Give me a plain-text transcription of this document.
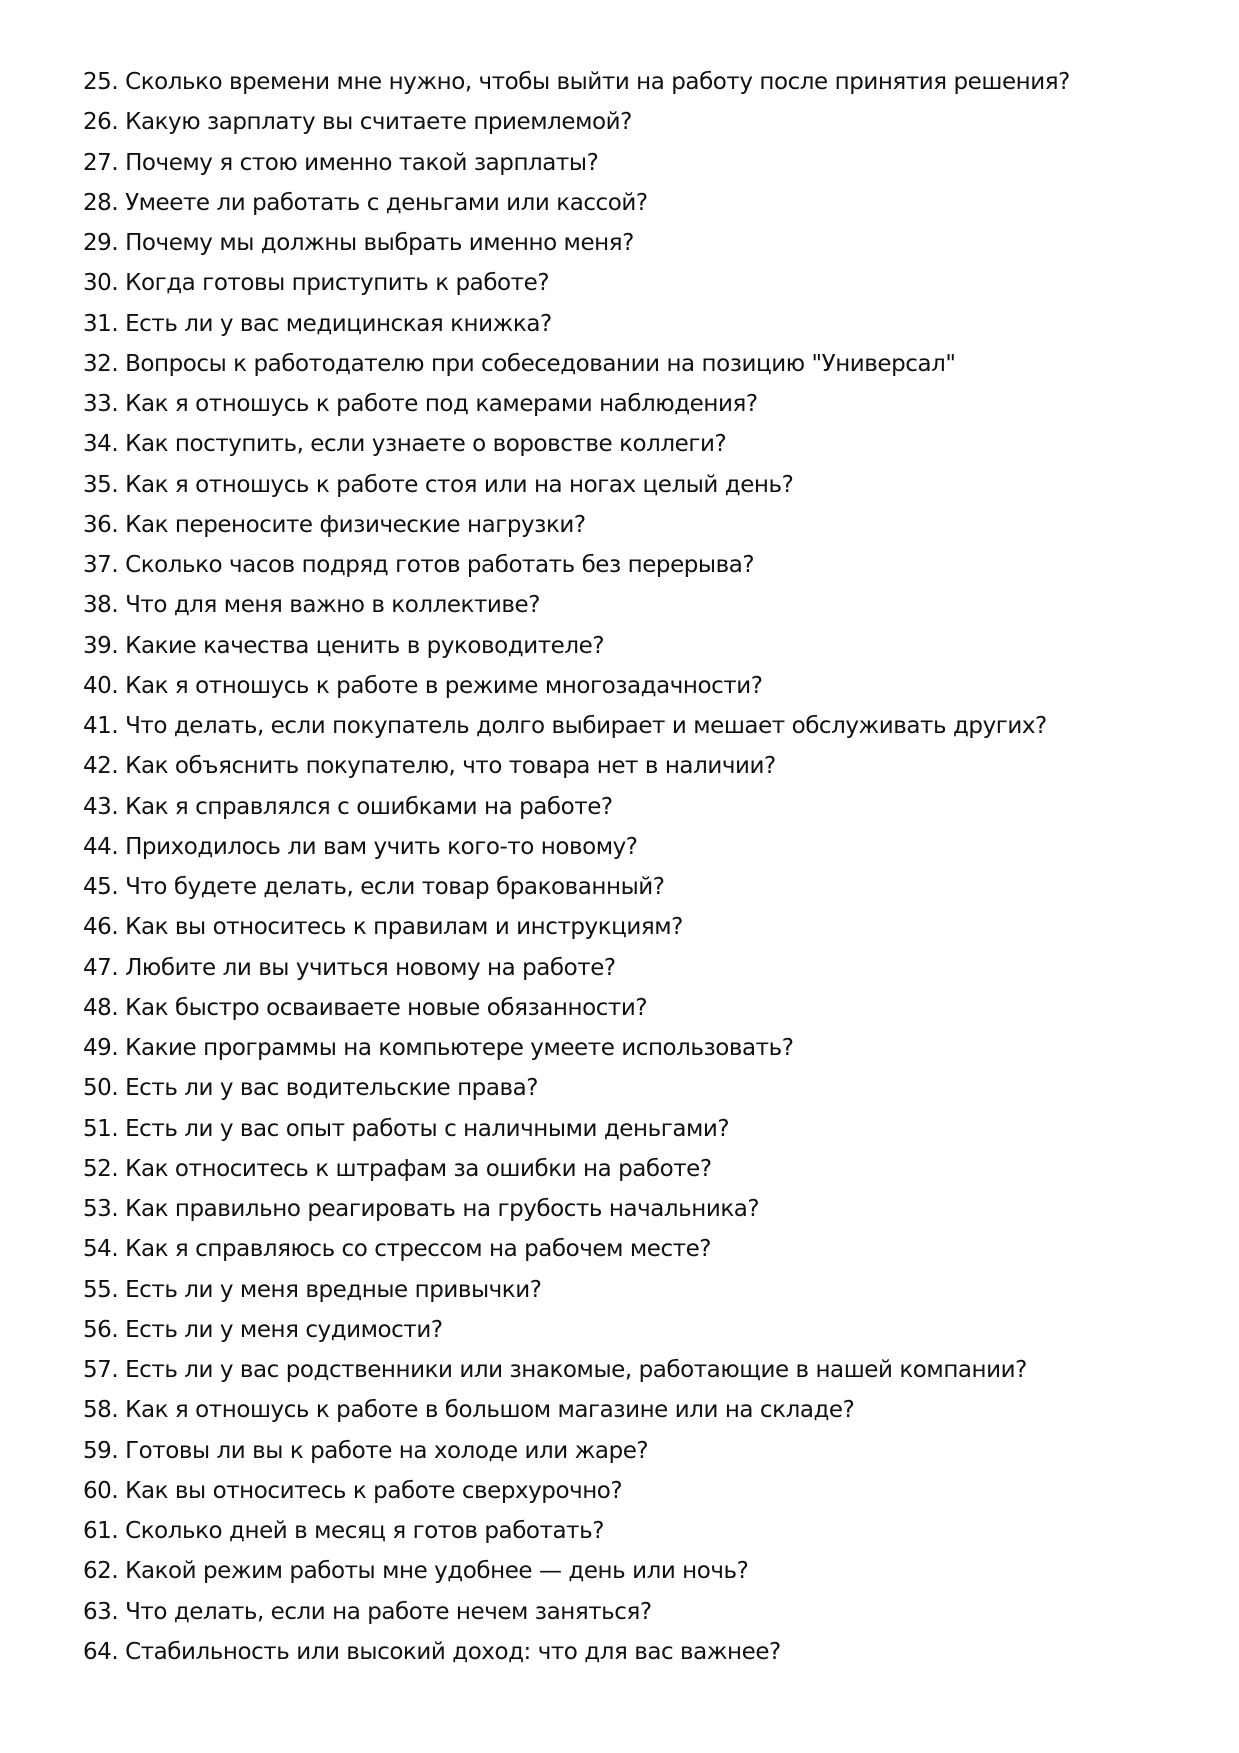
25. Сколько времени мне нужно, чтобы выйти на работу после принятия решения?
26. Какую зарплату вы считаете приемлемой?
27. Почему я стою именно такой зарплаты?
28. Умеете ли работать с деньгами или кассой?
29. Почему мы должны выбрать именно меня?
30. Когда готовы приступить к работе?
31. Есть ли у вас медицинская книжка?
32. Вопросы к работодателю при собеседовании на позицию "Универсал"
33. Как я отношусь к работе под камерами наблюдения?
34. Как поступить, если узнаете о воровстве коллеги?
35. Как я отношусь к работе стоя или на ногах целый день?
36. Как переносите физические нагрузки?
37. Сколько часов подряд готов работать без перерыва?
38. Что для меня важно в коллективе?
39. Какие качества ценить в руководителе?
40. Как я отношусь к работе в режиме многозадачности?
41. Что делать, если покупатель долго выбирает и мешает обслуживать других?
42. Как объяснить покупателю, что товара нет в наличии?
43. Как я справлялся с ошибками на работе?
44. Приходилось ли вам учить кого-то новому?
45. Что будете делать, если товар бракованный?
46. Как вы относитесь к правилам и инструкциям?
47. Любите ли вы учиться новому на работе?
48. Как быстро осваиваете новые обязанности?
49. Какие программы на компьютере умеете использовать?
50. Есть ли у вас водительские права?
51. Есть ли у вас опыт работы с наличными деньгами?
52. Как относитесь к штрафам за ошибки на работе?
53. Как правильно реагировать на грубость начальника?
54. Как я справляюсь со стрессом на рабочем месте?
55. Есть ли у меня вредные привычки?
56. Есть ли у меня судимости?
57. Есть ли у вас родственники или знакомые, работающие в нашей компании?
58. Как я отношусь к работе в большом магазине или на складе?
59. Готовы ли вы к работе на холоде или жаре?
60. Как вы относитесь к работе сверхурочно?
61. Сколько дней в месяц я готов работать?
62. Какой режим работы мне удобнее — день или ночь?
63. Что делать, если на работе нечем заняться?
64. Стабильность или высокий доход: что для вас важнее?
